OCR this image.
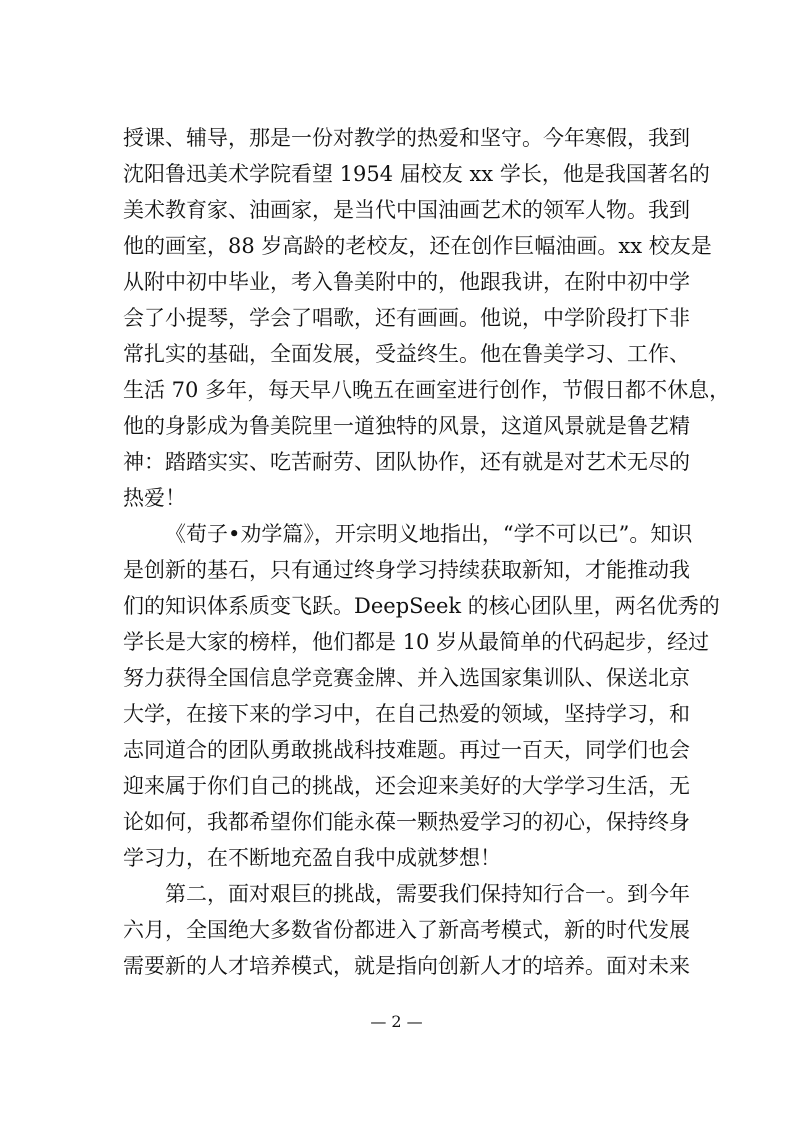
授课、辅导，那是一份对教学的热爱和坚守。今年寒假，我到
沈阳鲁迅美术学院看望 1954 届校友 xx 学长，他是我国著名的
美术教育家、油画家，是当代中国油画艺术的领军人物。我到
他的画室，88 岁高龄的老校友，还在创作巨幅油画。xx 校友是
从附中初中毕业，考入鲁美附中的，他跟我讲，在附中初中学
会了小提琴，学会了唱歌，还有画画。他说，中学阶段打下非
常扎实的基础，全面发展，受益终生。他在鲁美学习、工作、
生活 70 多年，每天早八晚五在画室进行创作，节假日都不休息，
他的身影成为鲁美院里一道独特的风景，这道风景就是鲁艺精
神：踏踏实实、吃苦耐劳、团队协作，还有就是对艺术无尽的
热爱！
《荀子•劝学篇》，开宗明义地指出，“学不可以已”。知识
是创新的基石，只有通过终身学习持续获取新知，才能推动我
们的知识体系质变飞跃。DeepSeek 的核心团队里，两名优秀的
学长是大家的榜样，他们都是 10 岁从最简单的代码起步，经过
努力获得全国信息学竞赛金牌、并入选国家集训队、保送北京
大学，在接下来的学习中，在自己热爱的领域，坚持学习，和
志同道合的团队勇敢挑战科技难题。再过一百天，同学们也会
迎来属于你们自己的挑战，还会迎来美好的大学学习生活，无
论如何，我都希望你们能永葆一颗热爱学习的初心，保持终身
学习力，在不断地充盈自我中成就梦想！
第二，面对艰巨的挑战，需要我们保持知行合一。到今年
六月，全国绝大多数省份都进入了新高考模式，新的时代发展
需要新的人才培养模式，就是指向创新人才的培养。面对未来
— 2 —
